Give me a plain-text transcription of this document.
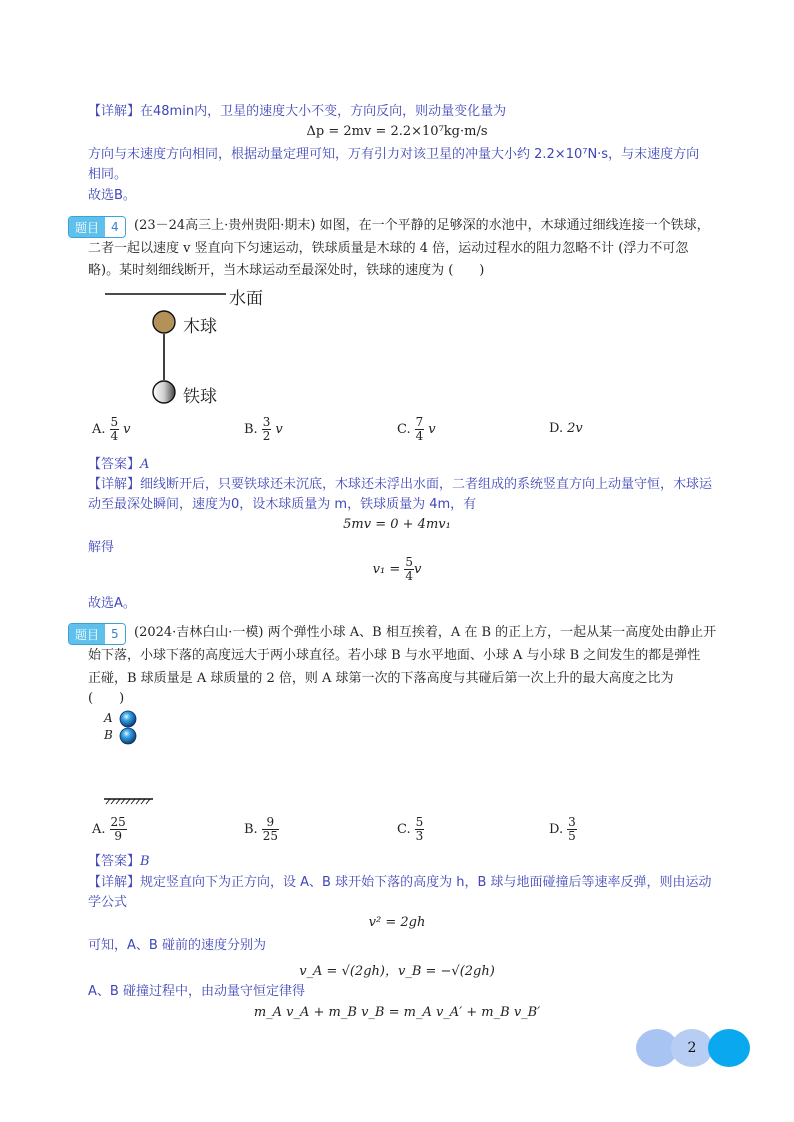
【详解】在48min内，卫星的速度大小不变，方向反向，则动量变化量为
Δp = 2mv = 2.2×10⁷kg·m/s
方向与末速度方向相同，根据动量定理可知，万有引力对该卫星的冲量大小约 2.2×10⁷N·s，与末速度方向
相同。
故选B。
题目	4	(23－24高三上·贵州贵阳·期末) 如图，在一个平静的足够深的水池中，木球通过细线连接一个铁球，
二者一起以速度 v 竖直向下匀速运动，铁球质量是木球的 4 倍，运动过程水的阻力忽略不计 (浮力不可忽
略)。某时刻细线断开，当木球运动至最深处时，铁球的速度为 (　　)
水面
木球
铁球
A. $\frac{5}{4}$ v	B. $\frac{3}{2}$ v	C. $\frac{7}{4}$ v	D. 2v
【答案】A
【详解】细线断开后，只要铁球还未沉底，木球还未浮出水面，二者组成的系统竖直方向上动量守恒，木球运
动至最深处瞬间，速度为0，设木球质量为 m，铁球质量为 4m，有
5mv = 0 + 4mv₁
解得
$v_1 = \frac{5}{4}$ v
故选A。
题目	5	(2024·吉林白山·一模) 两个弹性小球 A、B 相互挨着，A 在 B 的正上方，一起从某一高度处由静止开
始下落，小球下落的高度远大于两小球直径。若小球 B 与水平地面、小球 A 与小球 B 之间发生的都是弹性
正碰，B 球质量是 A 球质量的 2 倍，则 A 球第一次的下落高度与其碰后第一次上升的最大高度之比为
(　　)
A
B
A. $\frac{25}{9}$	B. $\frac{9}{25}$	C. $\frac{5}{3}$	D. $\frac{3}{5}$
【答案】B
【详解】规定竖直向下为正方向，设 A、B 球开始下落的高度为 h，B 球与地面碰撞后等速率反弹，则由运动
学公式
v² = 2gh
可知，A、B 碰前的速度分别为
v_A = √(2gh)，v_B = −√(2gh)
A、B 碰撞过程中，由动量守恒定律得
m_A v_A + m_B v_B = m_A v_A′ + m_B v_B′
2
